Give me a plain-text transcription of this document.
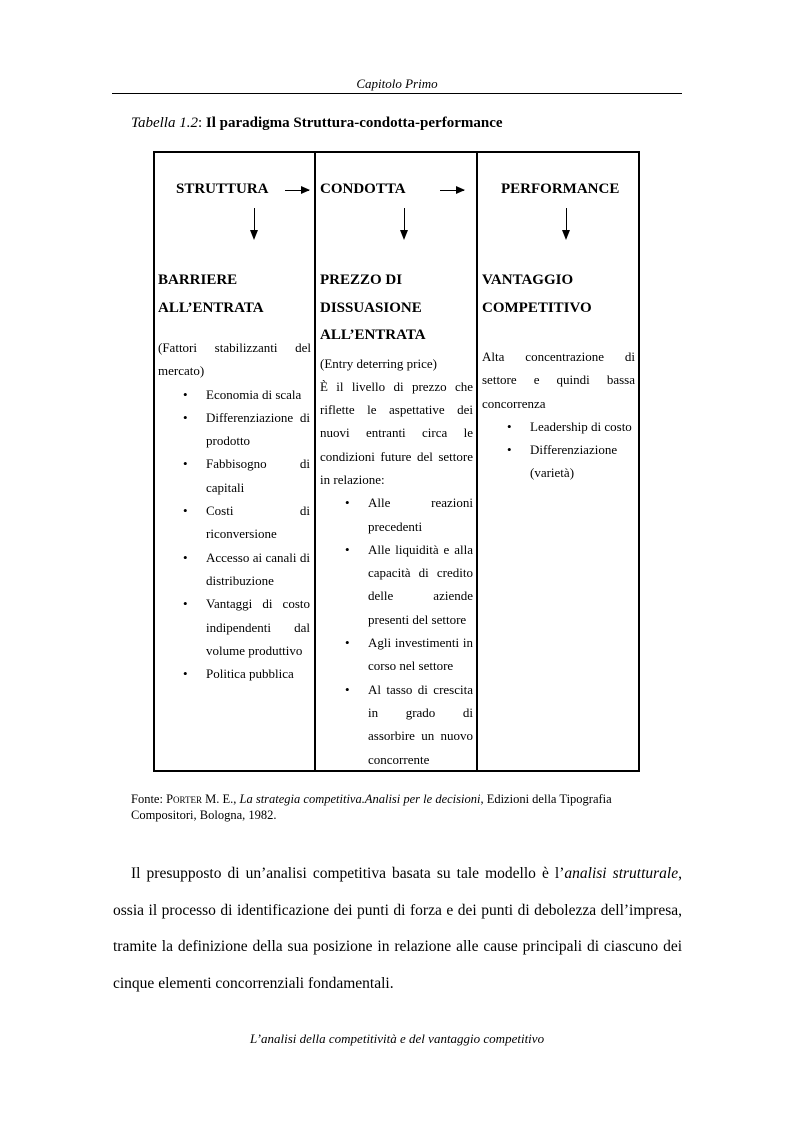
Capitolo Primo
Tabella 1.2: Il paradigma Struttura-condotta-performance
STRUTTURA	CONDOTTA	PERFORMANCE
BARRIERE
ALL’ENTRATA
(Fattori stabilizzanti del mercato)
• Economia di scala
• Differenziazione di prodotto
• Fabbisogno di capitali
• Costi di riconversione
• Accesso ai canali di distribuzione
• Vantaggi di costo indipendenti dal volume produttivo
• Politica pubblica
PREZZO DI
DISSUASIONE
ALL’ENTRATA
(Entry deterring price)
È il livello di prezzo che riflette le aspettative dei nuovi entranti circa le condizioni future del settore in relazione:
• Alle reazioni precedenti
• Alle liquidità e alla capacità di credito delle aziende presenti del settore
• Agli investimenti in corso nel settore
• Al tasso di crescita in grado di assorbire un nuovo concorrente
VANTAGGIO
COMPETITIVO
Alta concentrazione di settore e quindi bassa concorrenza
• Leadership di costo
• Differenziazione (varietà)
Fonte: Porter M. E., La strategia competitiva.Analisi per le decisioni, Edizioni della Tipografia Compositori, Bologna, 1982.

Il presupposto di un’analisi competitiva basata su tale modello è l’analisi strutturale, ossia il processo di identificazione dei punti di forza e dei punti di debolezza dell’impresa, tramite la definizione della sua posizione in relazione alle cause principali di ciascuno dei cinque elementi concorrenziali fondamentali.

L’analisi della competitività e del vantaggio competitivo
